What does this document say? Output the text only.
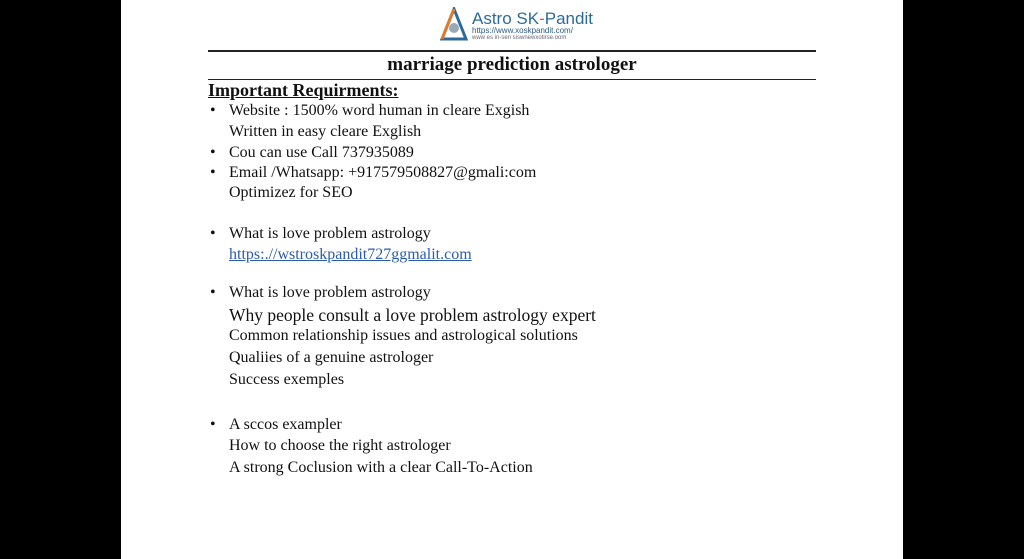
Astro SK-Pandit
https://www.xoskpandit.com/
www es in-sen siswnewxotirse.oom
marriage prediction astrologer
Important Requirments:
• Website : 1500% word human in cleare Exgish
Written in easy cleare Exglish
• Cou can use Call 737935089
• Email /Whatsapp: +917579508827@gmali:com
Optimizez for SEO
• What is love problem astrology
https:.//wstroskpandit727ggmalit.com
• What is love problem astrology
Why people consult a love problem astrology expert
Common relationship issues and astrological solutions
Qualiies of a genuine astrologer
Success exemples
• A sccos exampler
How to choose the right astrologer
A strong Coclusion with a clear Call-To-Action
